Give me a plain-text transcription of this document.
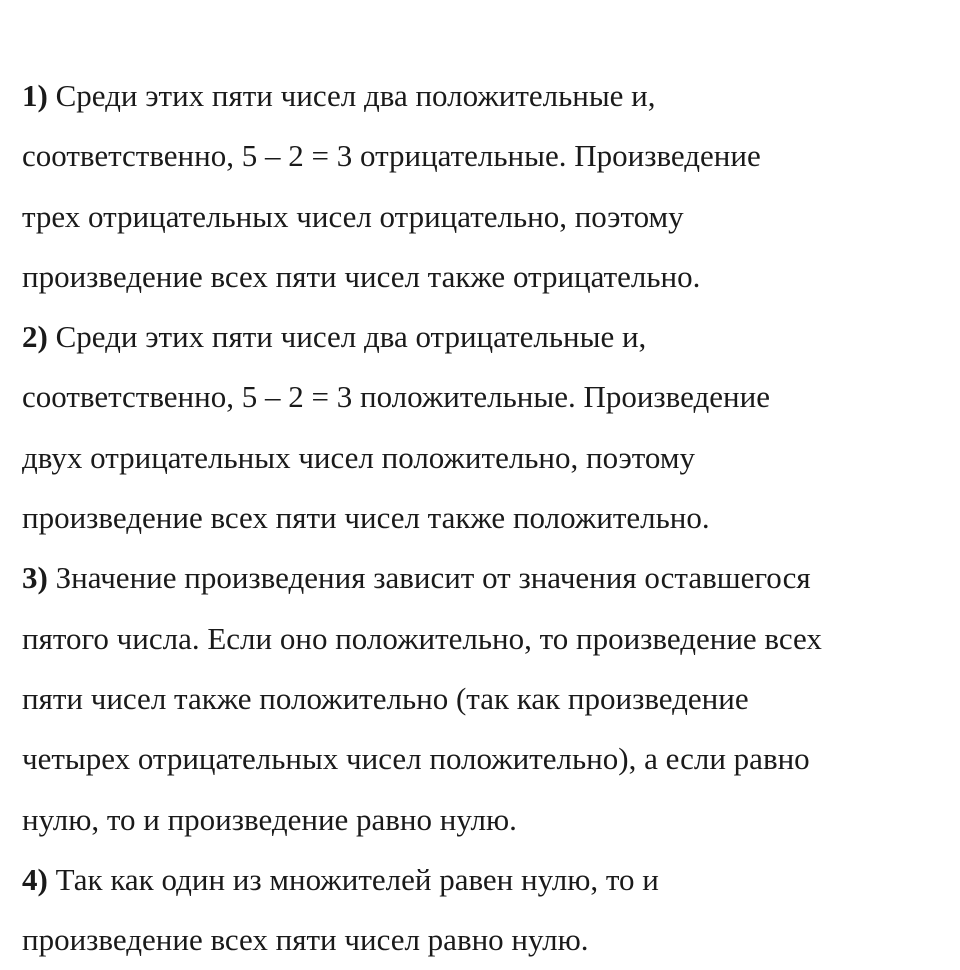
1) Среди этих пяти чисел два положительные и,
соответственно, 5 – 2 = 3 отрицательные. Произведение
трех отрицательных чисел отрицательно, поэтому
произведение всех пяти чисел также отрицательно.
2) Среди этих пяти чисел два отрицательные и,
соответственно, 5 – 2 = 3 положительные. Произведение
двух отрицательных чисел положительно, поэтому
произведение всех пяти чисел также положительно.
3) Значение произведения зависит от значения оставшегося
пятого числа. Если оно положительно, то произведение всех
пяти чисел также положительно (так как произведение
четырех отрицательных чисел положительно), а если равно
нулю, то и произведение равно нулю.
4) Так как один из множителей равен нулю, то и
произведение всех пяти чисел равно нулю.
